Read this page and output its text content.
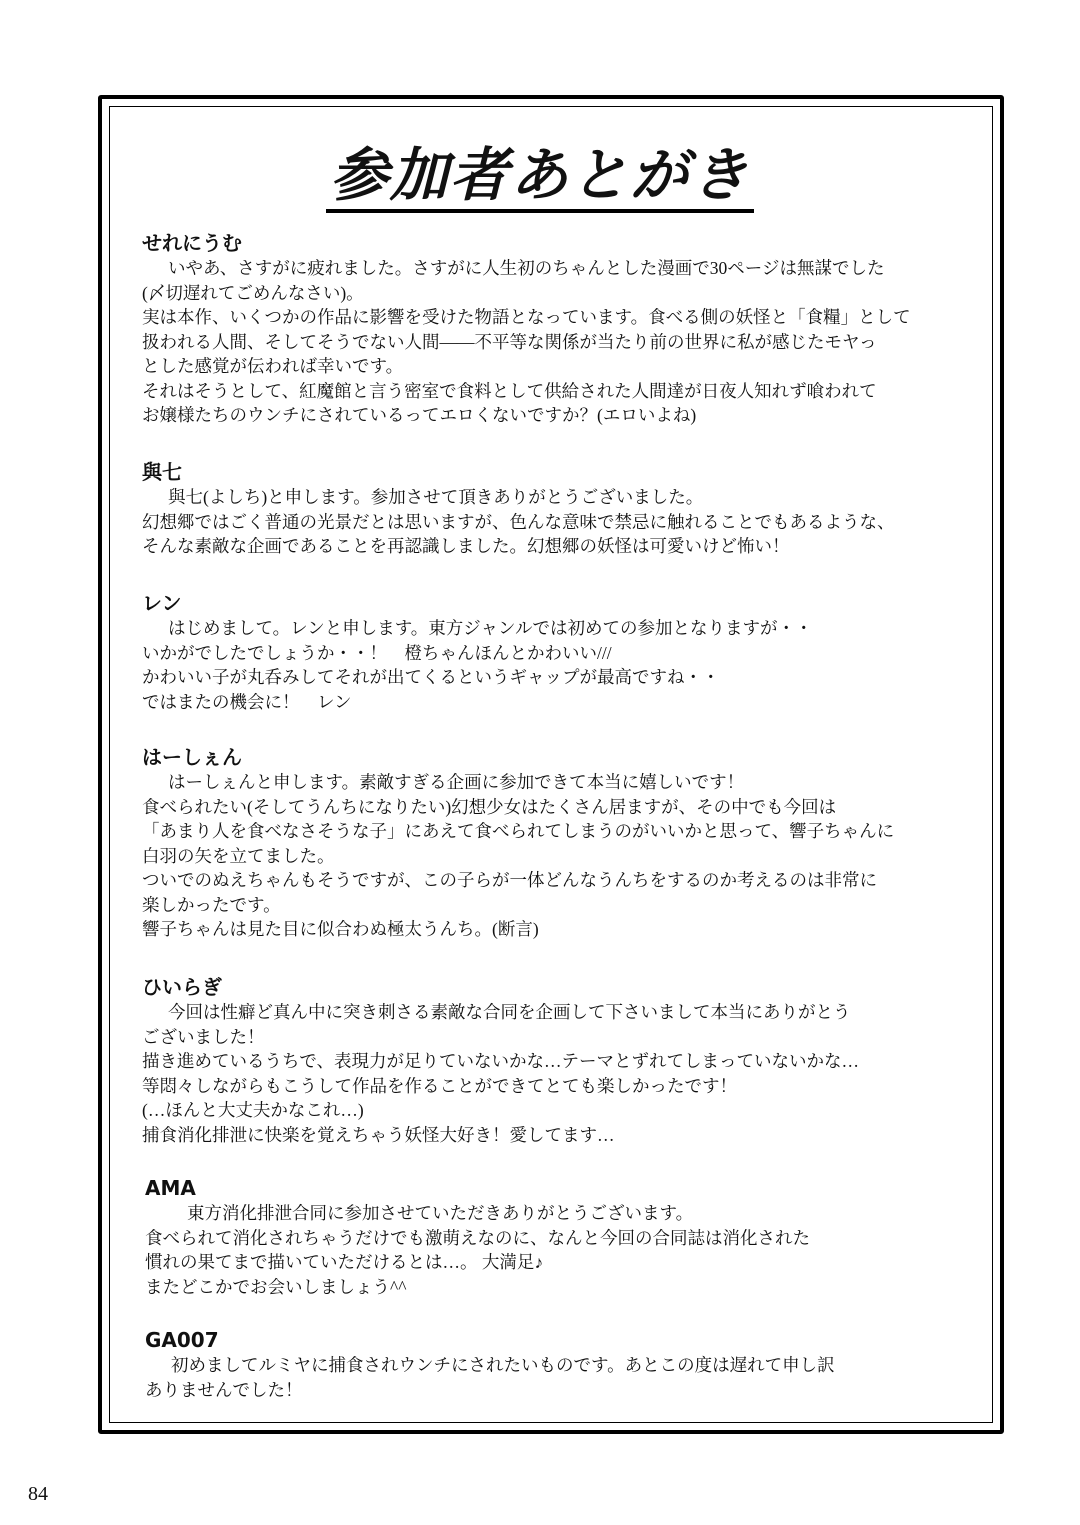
参加者あとがき
せれにうむ
いやあ、さすがに疲れました。さすがに人生初のちゃんとした漫画で30ページは無謀でした
(〆切遅れてごめんなさい)。
実は本作、いくつかの作品に影響を受けた物語となっています。食べる側の妖怪と「食糧」として
扱われる人間、そしてそうでない人間――不平等な関係が当たり前の世界に私が感じたモヤっ
とした感覚が伝われば幸いです。
それはそうとして、紅魔館と言う密室で食料として供給された人間達が日夜人知れず喰われて
お嬢様たちのウンチにされているってエロくないですか？(エロいよね)
與七
與七(よしち)と申します。参加させて頂きありがとうございました。
幻想郷ではごく普通の光景だとは思いますが、色んな意味で禁忌に触れることでもあるような、
そんな素敵な企画であることを再認識しました。幻想郷の妖怪は可愛いけど怖い！
レン
はじめまして。レンと申します。東方ジャンルでは初めての参加となりますが・・
いかがでしたでしょうか・・！　橙ちゃんほんとかわいい///
かわいい子が丸呑みしてそれが出てくるというギャップが最高ですね・・
ではまたの機会に！　レン
はーしぇん
はーしぇんと申します。素敵すぎる企画に参加できて本当に嬉しいです！
食べられたい(そしてうんちになりたい)幻想少女はたくさん居ますが、その中でも今回は
「あまり人を食べなさそうな子」にあえて食べられてしまうのがいいかと思って、響子ちゃんに
白羽の矢を立てました。
ついでのぬえちゃんもそうですが、この子らが一体どんなうんちをするのか考えるのは非常に
楽しかったです。
響子ちゃんは見た目に似合わぬ極太うんち。(断言)
ひいらぎ
今回は性癖ど真ん中に突き刺さる素敵な合同を企画して下さいまして本当にありがとう
ございました！
描き進めているうちで、表現力が足りていないかな…テーマとずれてしまっていないかな…
等悶々しながらもこうして作品を作ることができてとても楽しかったです！
(…ほんと大丈夫かなこれ…)
捕食消化排泄に快楽を覚えちゃう妖怪大好き！愛してます…
AMA
東方消化排泄合同に参加させていただきありがとうございます。
食べられて消化されちゃうだけでも激萌えなのに、なんと今回の合同誌は消化された
慣れの果てまで描いていただけるとは…。 大満足♪
またどこかでお会いしましょう^^
GA007
初めましてルミヤに捕食されウンチにされたいものです。あとこの度は遅れて申し訳
ありませんでした！
84
